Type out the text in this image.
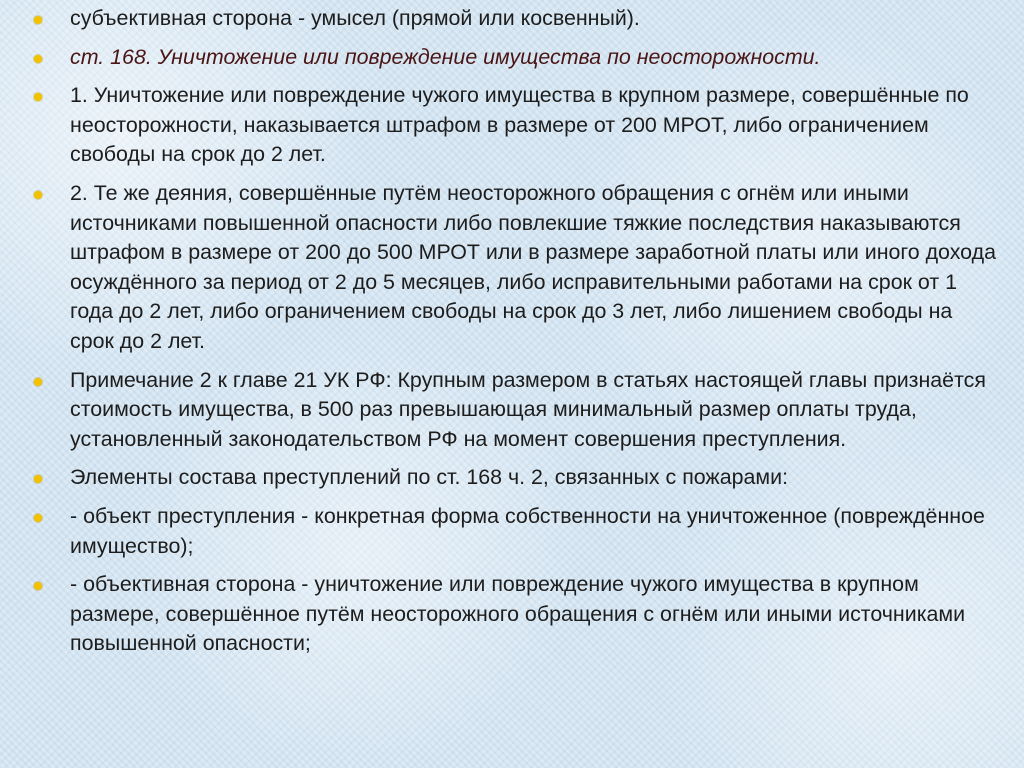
субъективная сторона - умысел (прямой или косвенный).
ст. 168. Уничтожение или повреждение имущества по неосторожности.
1. Уничтожение или повреждение чужого имущества в крупном размере, совершённые по неосторожности, наказывается штрафом в размере от 200 МРОТ, либо ограничением свободы на срок до 2 лет.
2. Те же деяния, совершённые путём неосторожного обращения с огнём или иными источниками повышенной опасности либо повлекшие тяжкие последствия наказываются штрафом в размере от 200 до 500 МРОТ или в размере заработной платы или иного дохода осуждённого за период от 2 до 5 месяцев, либо исправительными работами на срок от 1 года до 2 лет, либо ограничением свободы на срок до 3 лет, либо лишением свободы на срок до 2 лет.
Примечание 2 к главе 21 УК РФ: Крупным размером в статьях настоящей главы признаётся стоимость имущества, в 500 раз превышающая минимальный размер оплаты труда, установленный законодательством РФ на момент совершения преступления.
Элементы состава преступлений по ст. 168 ч. 2, связанных с пожарами:
- объект преступления - конкретная форма собственности на уничтоженное (повреждённое имущество);
- объективная сторона - уничтожение или повреждение чужого имущества в крупном размере, совершённое путём неосторожного обращения с огнём или иными источниками повышенной опасности;
